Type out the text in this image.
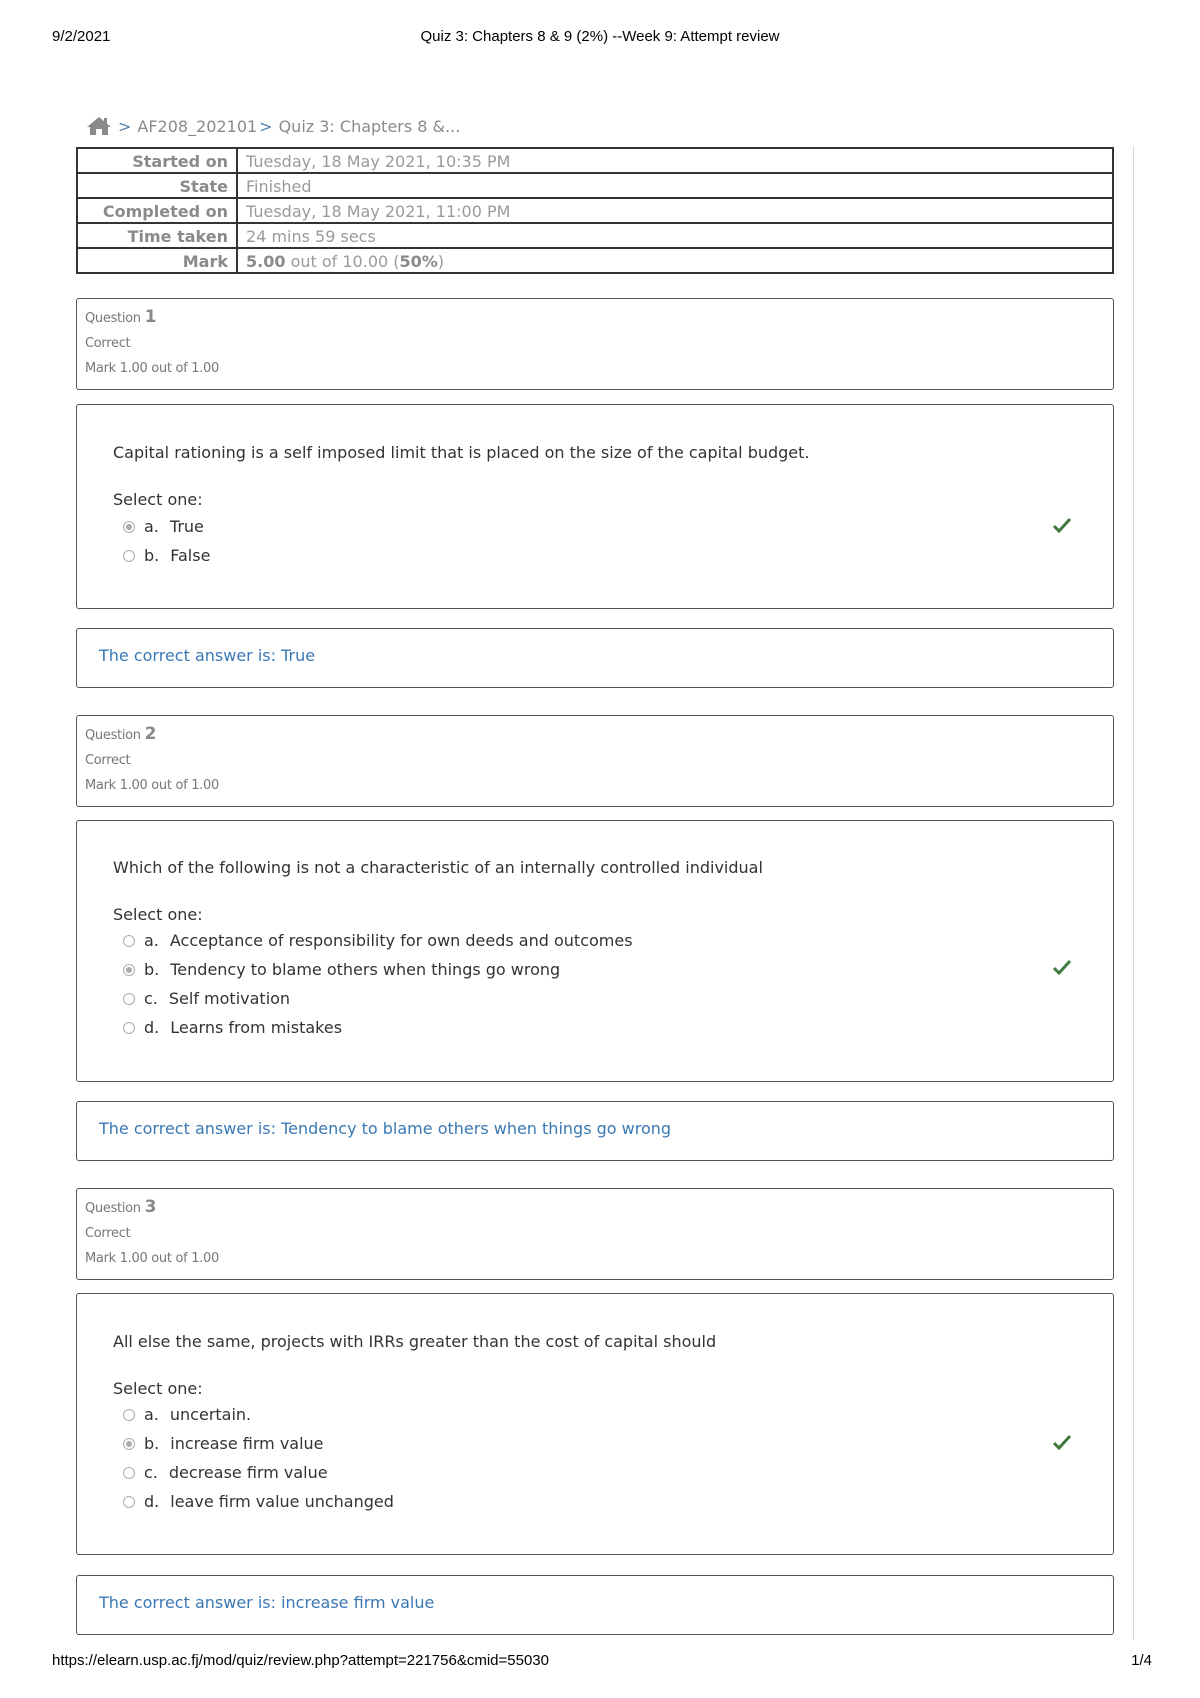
9/2/2021	Quiz 3: Chapters 8 & 9 (2%) --Week 9: Attempt review
> AF208_202101 > Quiz 3: Chapters 8 &...
Started on	Tuesday, 18 May 2021, 10:35 PM
State	Finished
Completed on	Tuesday, 18 May 2021, 11:00 PM
Time taken	24 mins 59 secs
Mark	5.00 out of 10.00 (50%)
Question 1
Correct
Mark 1.00 out of 1.00
Capital rationing is a self imposed limit that is placed on the size of the capital budget.
Select one:
a. True
b. False
The correct answer is: True
Question 2
Correct
Mark 1.00 out of 1.00
Which of the following is not a characteristic of an internally controlled individual
Select one:
a. Acceptance of responsibility for own deeds and outcomes
b. Tendency to blame others when things go wrong
c. Self motivation
d. Learns from mistakes
The correct answer is: Tendency to blame others when things go wrong
Question 3
Correct
Mark 1.00 out of 1.00
All else the same, projects with IRRs greater than the cost of capital should
Select one:
a. uncertain.
b. increase firm value
c. decrease firm value
d. leave firm value unchanged
The correct answer is: increase firm value
https://elearn.usp.ac.fj/mod/quiz/review.php?attempt=221756&cmid=55030	1/4
